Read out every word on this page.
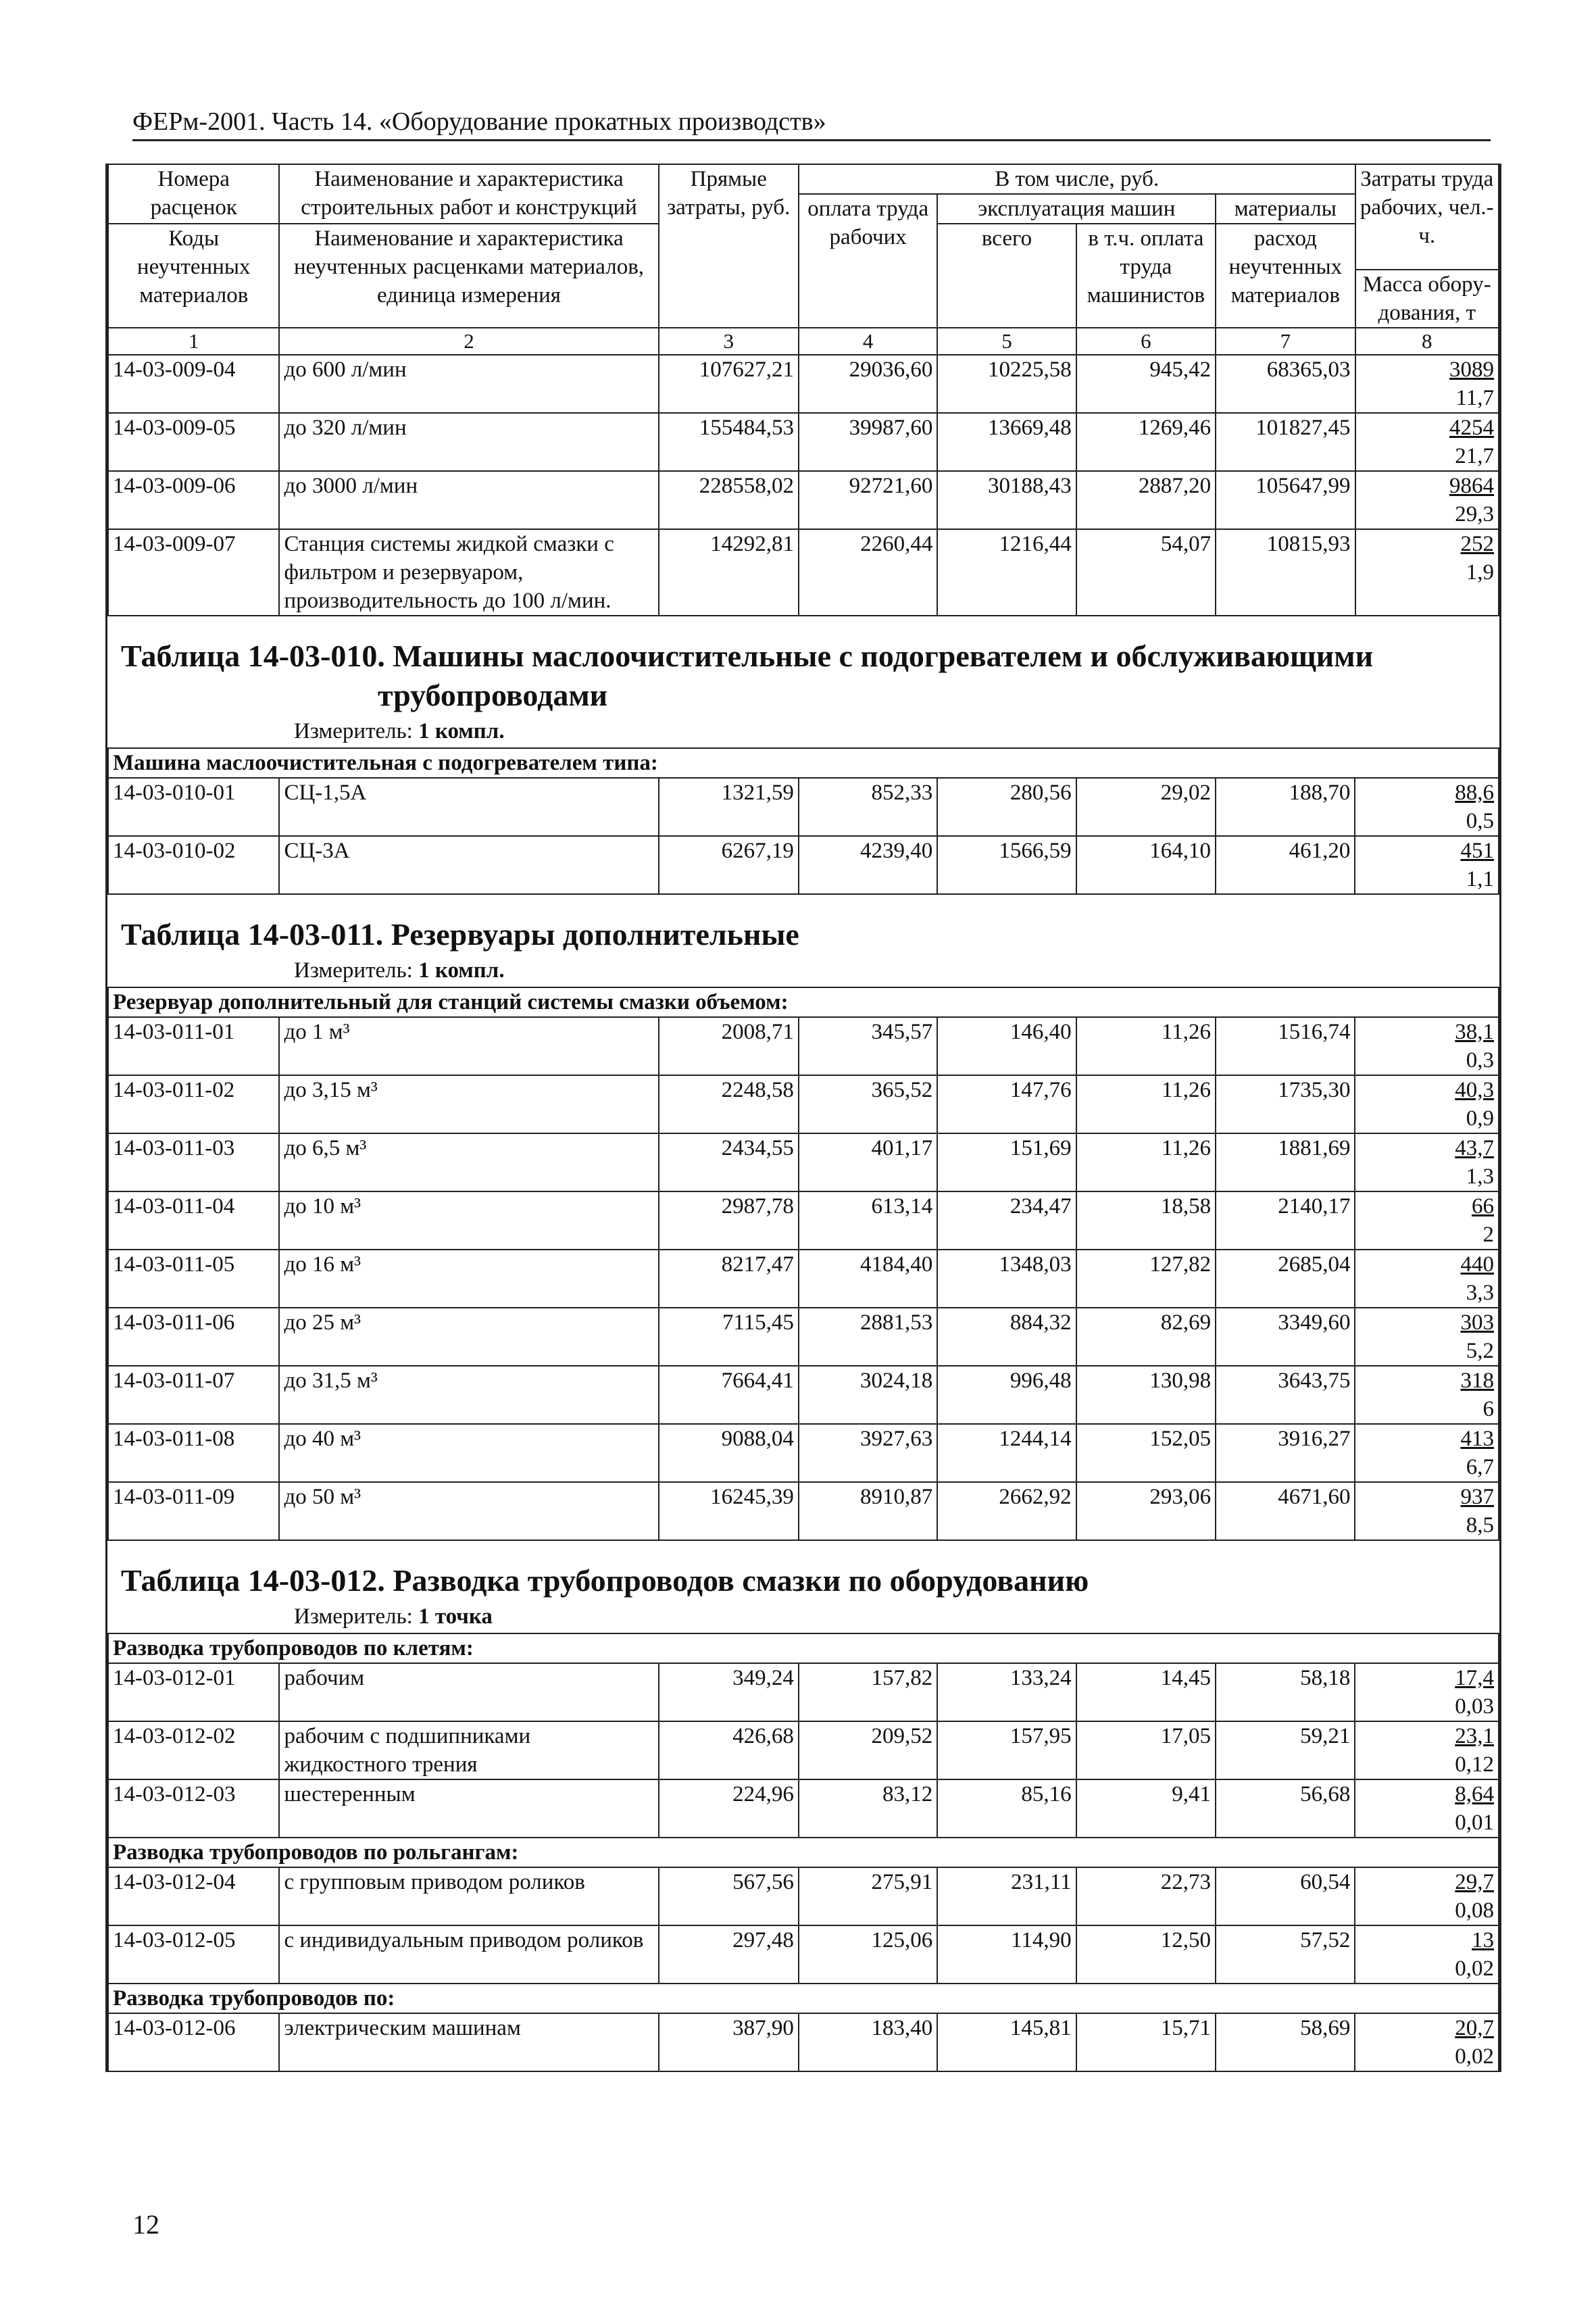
ФЕРм-2001. Часть 14. «Оборудование прокатных производств»
Номера расценок	Наименование и характеристика строительных работ и конструкций	Прямые затраты, руб.	В том числе, руб.				Затраты труда рабочих, чел.-ч.
			оплата труда рабочих	эксплуатация машин		материалы	
Коды неучтенных материалов	Наименование и характеристика неучтенных расценками материалов, единица измерения			всего	в т.ч. оплата труда машинистов	расход неучтенных материалов	

							Масса обору-дования, т
1	2	3	4	5	6	7	8
14-03-009-04	до 600 л/мин	107627,21	29036,60	10225,58	945,42	68365,03	3089
11,7

14-03-009-05	до 320 л/мин	155484,53	39987,60	13669,48	1269,46	101827,45	4254
21,7

14-03-009-06	до 3000 л/мин	228558,02	92721,60	30188,43	2887,20	105647,99	9864
29,3

14-03-009-07	Станция системы жидкой смазки с фильтром и резервуаром, производительность до 100 л/мин.	14292,81	2260,44	1216,44	54,07	10815,93	252
1,9
Таблица 14-03-010. Машины маслоочистительные с подогревателем и обслуживающими
трубопроводами
Измеритель: 1 компл.
Машина маслоочистительная с подогревателем типа:							
14-03-010-01	СЦ-1,5А	1321,59	852,33	280,56	29,02	188,70	88,6
0,5

14-03-010-02	СЦ-3А	6267,19	4239,40	1566,59	164,10	461,20	451
1,1
Таблица 14-03-011. Резервуары дополнительные
Измеритель: 1 компл.
Резервуар дополнительный для станций системы смазки объемом:							
14-03-011-01	до 1 м³	2008,71	345,57	146,40	11,26	1516,74	38,1
0,3

14-03-011-02	до 3,15 м³	2248,58	365,52	147,76	11,26	1735,30	40,3
0,9

14-03-011-03	до 6,5 м³	2434,55	401,17	151,69	11,26	1881,69	43,7
1,3

14-03-011-04	до 10 м³	2987,78	613,14	234,47	18,58	2140,17	66
2

14-03-011-05	до 16 м³	8217,47	4184,40	1348,03	127,82	2685,04	440
3,3

14-03-011-06	до 25 м³	7115,45	2881,53	884,32	82,69	3349,60	303
5,2

14-03-011-07	до 31,5 м³	7664,41	3024,18	996,48	130,98	3643,75	318
6

14-03-011-08	до 40 м³	9088,04	3927,63	1244,14	152,05	3916,27	413
6,7

14-03-011-09	до 50 м³	16245,39	8910,87	2662,92	293,06	4671,60	937
8,5
Таблица 14-03-012. Разводка трубопроводов смазки по оборудованию
Измеритель: 1 точка
Разводка трубопроводов по клетям:							
14-03-012-01	рабочим	349,24	157,82	133,24	14,45	58,18	17,4
0,03

14-03-012-02	рабочим с подшипниками жидкостного трения	426,68	209,52	157,95	17,05	59,21	23,1
0,12

14-03-012-03	шестеренным	224,96	83,12	85,16	9,41	56,68	8,64
0,01

Разводка трубопроводов по рольгангам:							
14-03-012-04	с групповым приводом роликов	567,56	275,91	231,11	22,73	60,54	29,7
0,08

14-03-012-05	с индивидуальным приводом роликов	297,48	125,06	114,90	12,50	57,52	13
0,02

Разводка трубопроводов по:							
14-03-012-06	электрическим машинам	387,90	183,40	145,81	15,71	58,69	20,7
0,02
12
